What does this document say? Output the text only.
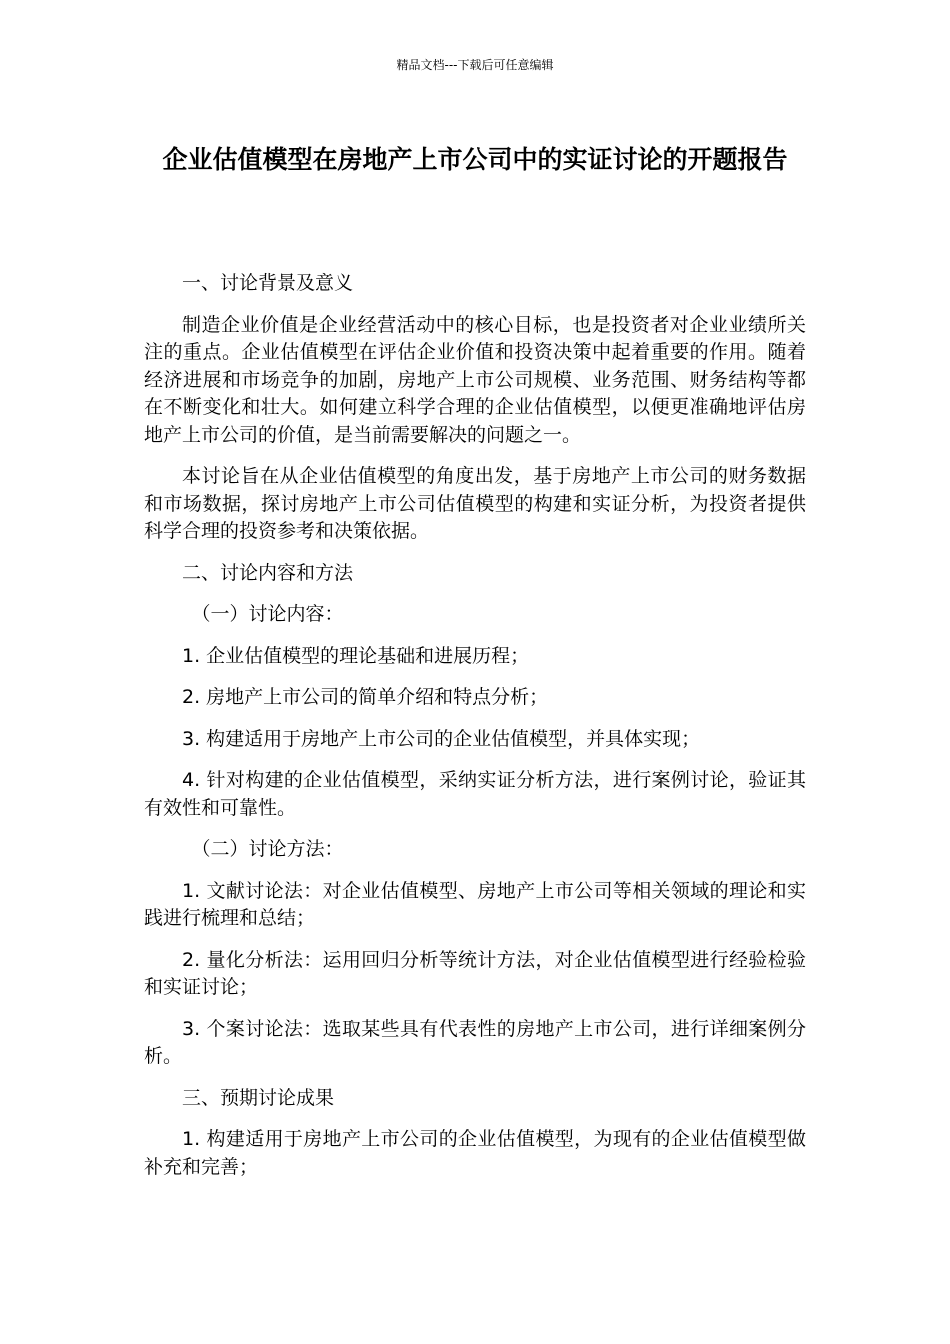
精品文档---下载后可任意编辑
企业估值模型在房地产上市公司中的实证讨论的开题报告

一、讨论背景及意义

制造企业价值是企业经营活动中的核心目标，也是投资者对企业业绩所关注的重点。企业估值模型在评估企业价值和投资决策中起着重要的作用。随着经济进展和市场竞争的加剧，房地产上市公司规模、业务范围、财务结构等都在不断变化和壮大。如何建立科学合理的企业估值模型，以便更准确地评估房地产上市公司的价值，是当前需要解决的问题之一。

本讨论旨在从企业估值模型的角度出发，基于房地产上市公司的财务数据和市场数据，探讨房地产上市公司估值模型的构建和实证分析，为投资者提供科学合理的投资参考和决策依据。

二、讨论内容和方法

（一）讨论内容：

1. 企业估值模型的理论基础和进展历程；

2. 房地产上市公司的简单介绍和特点分析；

3. 构建适用于房地产上市公司的企业估值模型，并具体实现；

4. 针对构建的企业估值模型，采纳实证分析方法，进行案例讨论，验证其有效性和可靠性。

（二）讨论方法：

1. 文献讨论法：对企业估值模型、房地产上市公司等相关领域的理论和实践进行梳理和总结；

2. 量化分析法：运用回归分析等统计方法，对企业估值模型进行经验检验和实证讨论；

3. 个案讨论法：选取某些具有代表性的房地产上市公司，进行详细案例分析。

三、预期讨论成果

1. 构建适用于房地产上市公司的企业估值模型，为现有的企业估值模型做补充和完善；
